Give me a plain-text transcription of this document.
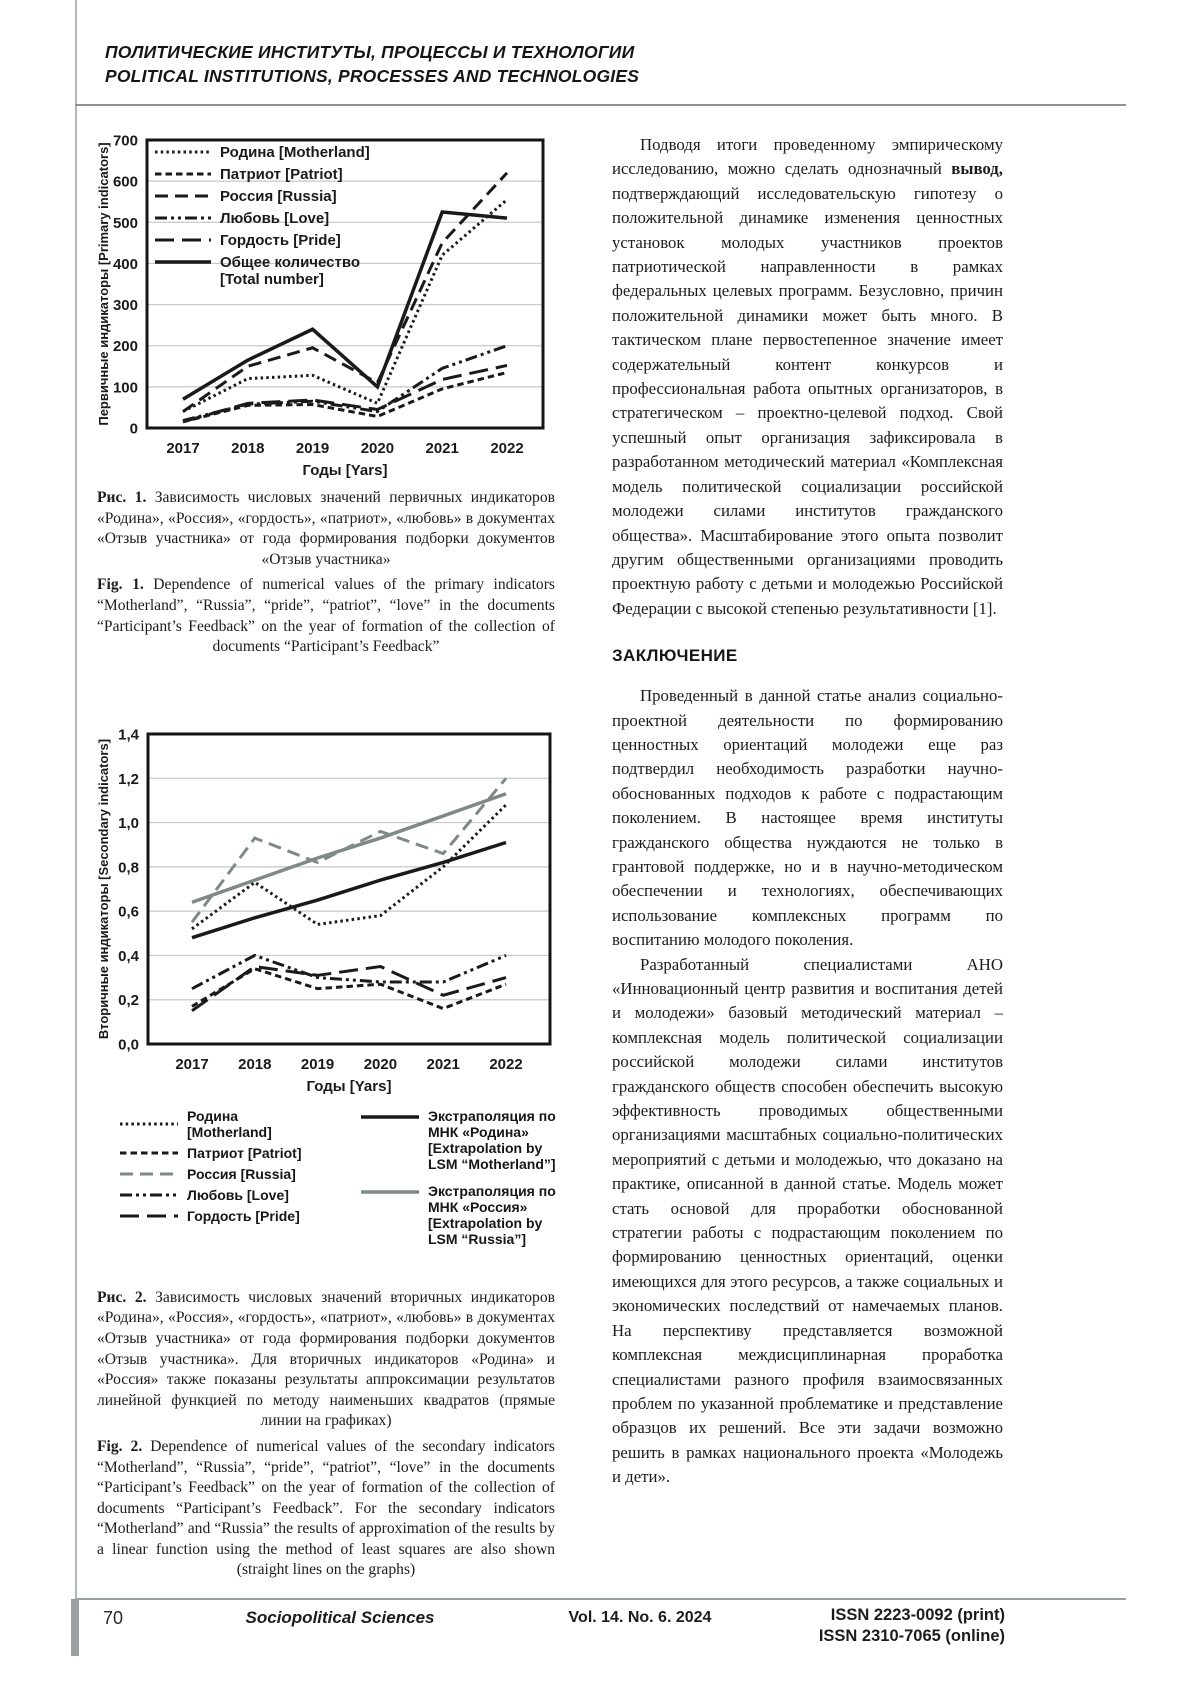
ПОЛИТИЧЕСКИЕ ИНСТИТУТЫ, ПРОЦЕССЫ И ТЕХНОЛОГИИ
POLITICAL INSTITUTIONS, PROCESSES AND TECHNOLOGIES
0
100
200
300
400
500
600
700
2017 2018 2019 2020 2021 2022
Годы [Yars]
Первичные индикаторы [Primary indicators]	Родина [Motherland]
Патриот [Patriot]
Россия [Russia]
Любовь [Love]
Гордость [Pride]
Общее количество
[Total number]

Рис. 1. Зависимость числовых значений первичных индикаторов «Родина», «Россия», «гордость», «патриот», «любовь» в документах «Отзыв участника» от года формирования подборки документов «Отзыв участника»

Fig. 1. Dependence of numerical values of the primary indicators “Motherland”, “Russia”, “pride”, “patriot”, “love” in the documents “Participant’s Feedback” on the year of formation of the collection of documents “Participant’s Feedback”

0,0
0,2
0,4
0,6
0,8
1,0
1,2
1,4
2017 2018 2019 2020 2021 2022
Годы [Yars]
Вторичные индикаторы [Secondary indicators]
Родина [Motherland]
Патриот [Patriot]
Россия [Russia]
Любовь [Love]
Гордость [Pride]
Экстраполяция по МНК «Родина»
[Extrapolation by LSM “Motherland”]
Экстраполяция по МНК «Россия»
[Extrapolation by LSM “Russia”]

Рис. 2. Зависимость числовых значений вторичных индикаторов «Родина», «Россия», «гордость», «патриот», «любовь» в документах «Отзыв участника» от года формирования подборки документов «Отзыв участника». Для вторичных индикаторов «Родина» и «Россия» также показаны результаты аппроксимации результатов линейной функцией по методу наименьших квадратов (прямые линии на графиках)

Fig. 2. Dependence of numerical values of the secondary indicators “Motherland”, “Russia”, “pride”, “patriot”, “love” in the documents “Participant’s Feedback” on the year of formation of the collection of documents “Participant’s Feedback”. For the secondary indicators “Motherland” and “Russia” the results of approximation of the results by a linear function using the method of least squares are also shown (straight lines on the graphs)

Подводя итоги проведенному эмпирическому исследованию, можно сделать однозначный вывод, подтверждающий исследовательскую гипотезу о положительной динамике изменения ценностных установок молодых участников проектов патриотической направленности в рамках федеральных целевых программ. Безусловно, причин положительной динамики может быть много. В тактическом плане первостепенное значение имеет содержательный контент конкурсов и профессиональная работа опытных организаторов, в стратегическом – проектно-целевой подход. Свой успешный опыт организация зафиксировала в разработанном методический материал «Комплексная модель политической социализации российской молодежи силами институтов гражданского общества». Масштабирование этого опыта позволит другим общественными организациями проводить проектную работу с детьми и молодежью Российской Федерации с высокой степенью результативности [1].

ЗАКЛЮЧЕНИЕ

Проведенный в данной статье анализ социально-проектной деятельности по формированию ценностных ориентаций молодежи еще раз подтвердил необходимость разработки научно-обоснованных подходов к работе с подрастающим поколением. В настоящее время институты гражданского общества нуждаются не только в грантовой поддержке, но и в научно-методическом обеспечении и технологиях, обеспечивающих использование комплексных программ по воспитанию молодого поколения.

Разработанный специалистами АНО «Инновационный центр развития и воспитания детей и молодежи» базовый методический материал – комплексная модель политической социализации российской молодежи силами институтов гражданского обществ способен обеспечить высокую эффективность проводимых общественными организациями масштабных социально-политических мероприятий с детьми и молодежью, что доказано на практике, описанной в данной статье. Модель может стать основой для проработки обоснованной стратегии работы с подрастающим поколением по формированию ценностных ориентаций, оценки имеющихся для этого ресурсов, а также социальных и экономических последствий от намечаемых планов. На перспективу представляется возможной комплексная междисциплинарная проработка специалистами разного профиля взаимосвязанных проблем по указанной проблематике и представление образцов их решений. Все эти задачи возможно решить в рамках национального проекта «Молодежь и дети».

70	Sociopolitical Sciences	Vol. 14. No. 6. 2024	ISSN 2223-0092 (print)
ISSN 2310-7065 (online)
